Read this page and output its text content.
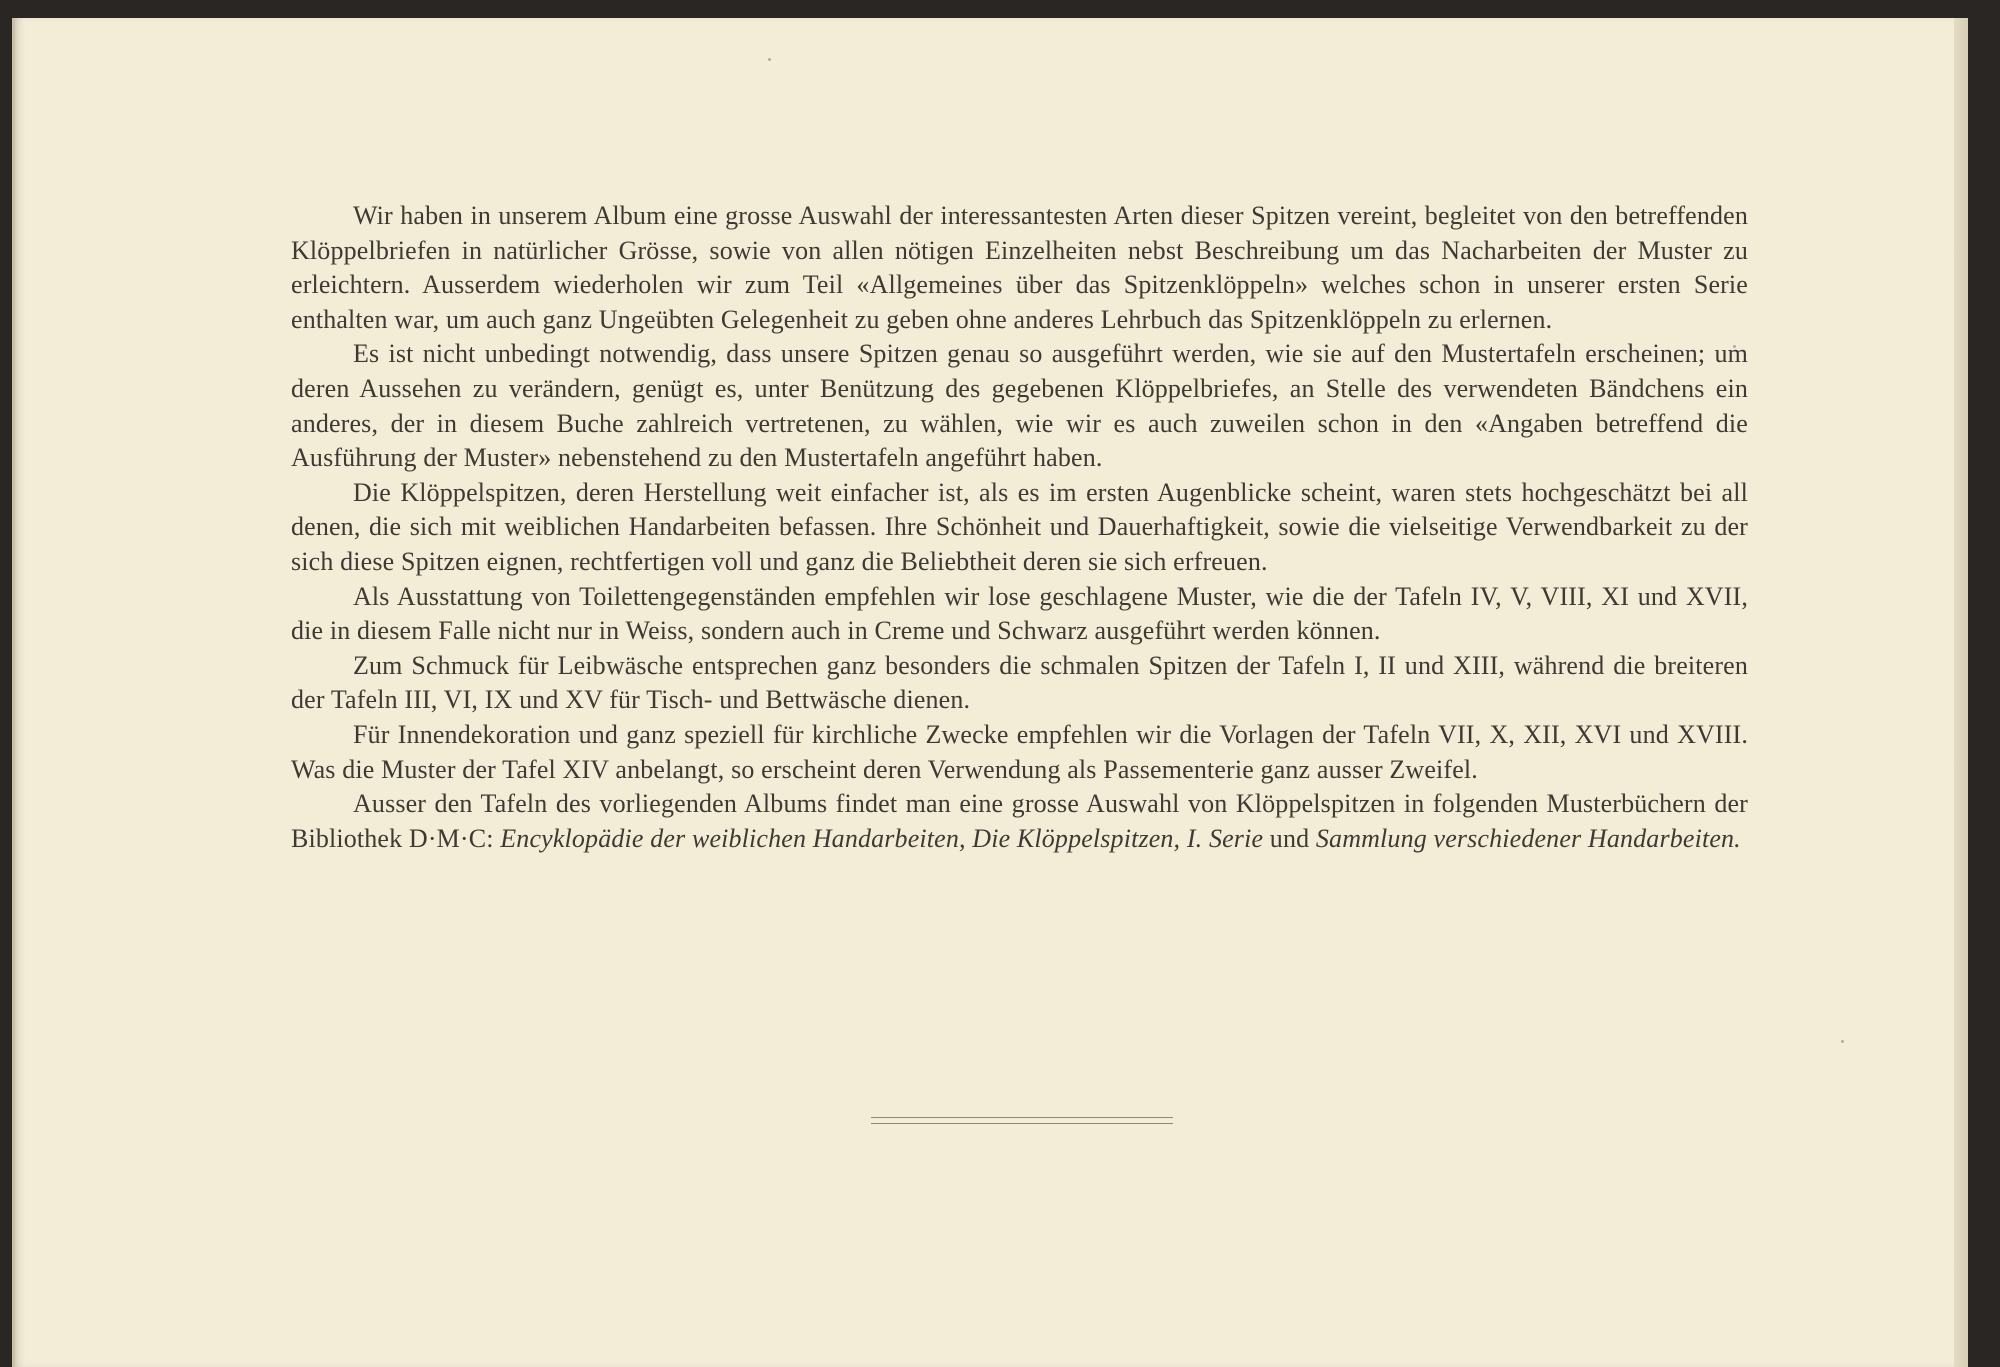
Wir haben in unserem Album eine grosse Auswahl der interessantesten Arten dieser Spitzen vereint, begleitet von den betreffenden Klöppelbriefen in natürlicher Grösse, sowie von allen nötigen Einzelheiten nebst Beschreibung um das Nacharbeiten der Muster zu erleichtern. Ausserdem wiederholen wir zum Teil «Allgemeines über das Spitzenklöppeln» welches schon in unserer ersten Serie enthalten war, um auch ganz Ungeübten Gelegenheit zu geben ohne anderes Lehrbuch das Spitzenklöppeln zu erlernen.

Es ist nicht unbedingt notwendig, dass unsere Spitzen genau so ausgeführt werden, wie sie auf den Mustertafeln erscheinen; um deren Aussehen zu verändern, genügt es, unter Benützung des gegebenen Klöppelbriefes, an Stelle des verwendeten Bändchens ein anderes, der in diesem Buche zahlreich vertretenen, zu wählen, wie wir es auch zuweilen schon in den «Angaben betreffend die Ausführung der Muster» nebenstehend zu den Mustertafeln angeführt haben.

Die Klöppelspitzen, deren Herstellung weit einfacher ist, als es im ersten Augenblicke scheint, waren stets hochgeschätzt bei all denen, die sich mit weiblichen Handarbeiten befassen. Ihre Schönheit und Dauerhaftigkeit, sowie die vielseitige Verwendbarkeit zu der sich diese Spitzen eignen, rechtfertigen voll und ganz die Beliebtheit deren sie sich erfreuen.

Als Ausstattung von Toilettengegenständen empfehlen wir lose geschlagene Muster, wie die der Tafeln IV, V, VIII, XI und XVII, die in diesem Falle nicht nur in Weiss, sondern auch in Creme und Schwarz ausgeführt werden können.

Zum Schmuck für Leibwäsche entsprechen ganz besonders die schmalen Spitzen der Tafeln I, II und XIII, während die breiteren der Tafeln III, VI, IX und XV für Tisch- und Bettwäsche dienen.

Für Innendekoration und ganz speziell für kirchliche Zwecke empfehlen wir die Vorlagen der Tafeln VII, X, XII, XVI und XVIII. Was die Muster der Tafel XIV anbelangt, so erscheint deren Verwendung als Passementerie ganz ausser Zweifel.

Ausser den Tafeln des vorliegenden Albums findet man eine grosse Auswahl von Klöppelspitzen in folgenden Musterbüchern der Bibliothek D·M·C: Encyklopädie der weiblichen Handarbeiten, Die Klöppelspitzen, I. Serie und Sammlung verschiedener Handarbeiten.
